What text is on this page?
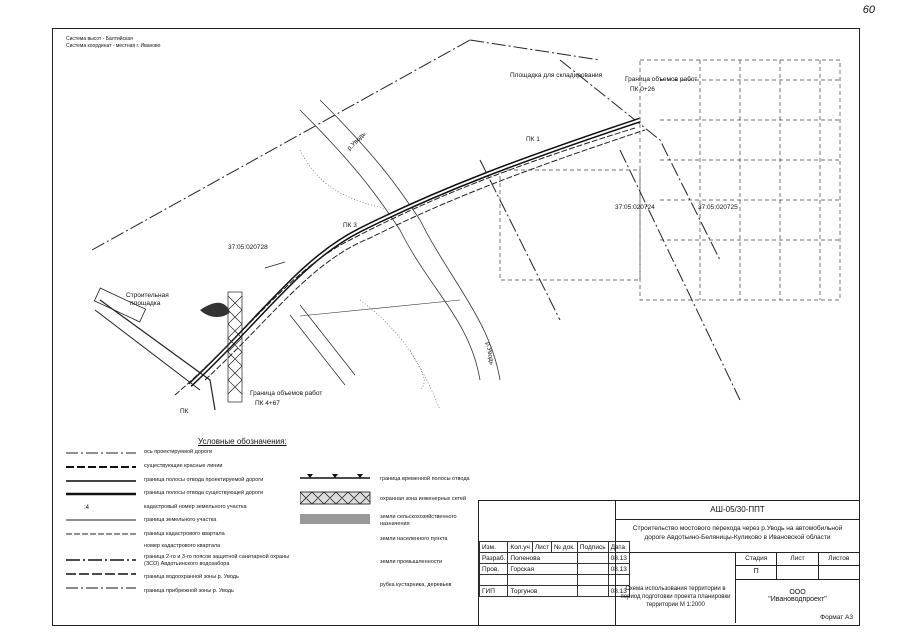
60
Система высот - Балтийская
Система координат - местная г. Иваново
Площадка для складирования
Граница объемов работ
ПК 0+26
Граница объемов работ
ПК 4+67
Строительная
площадка
ПК
р.Уводь
р.Уводь
37:05:020724	37:05:020725
37:05:020728
ПК 1
ПК 3
Условные обозначения:
:4
ось проектируемой дороги
существующие красные линии
граница полосы отвода проектируемой дороги
граница полосы отвода существующей дороги
кадастровый номер земельного участка
граница земельного участка
граница кадастрового квартала
номер кадастрового квартала
граница 2-го и 3-го поясов защитной санитарной охраны (ЗСО) Авдотьинского водозабора
граница водоохранной зоны р. Уводь
граница прибрежной зоны р. Уводь
граница временной полосы отвода
охранная зона инженерных сетей
земли сельскохозяйственного назначения
земли населенного пункта
земли промышленности
рубка кустарника, деревьев
АШ-05/30-ППТ
Строительство мостового перехода через р.Уводь на автомобильной дороге Авдотьино-Беляницы-Куликово в Ивановской области
Изм.	Кол.уч	Лист	№ док.	Подпись	Дата
Разраб.	Поленова				08.13
Пров.	Горская				08.13

ГИП	Торгунов				08.13
Схема использования территории в период подготовки проекта планировки территории М 1:2000
Стадия	Лист	Листов
П
ООО
"Ивановодпроект"
Формат А3
